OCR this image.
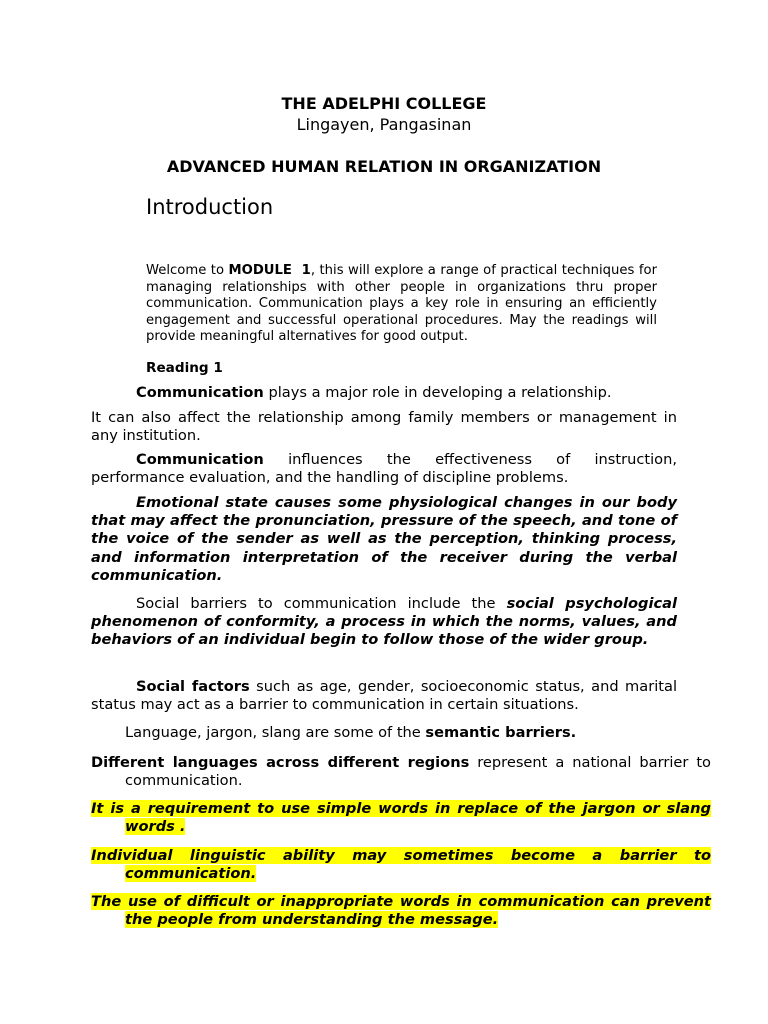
THE ADELPHI COLLEGE
Lingayen, Pangasinan
ADVANCED HUMAN RELATION IN ORGANIZATION
Introduction
Welcome to MODULE  1, this will explore a range of practical techniques for managing relationships with other people in organizations thru proper communication. Communication plays a key role in ensuring an efficiently engagement and successful operational procedures. May the readings will provide meaningful alternatives for good output.
Reading 1
Communication plays a major role in developing a relationship.
It can also affect the relationship among family members or management in any institution.
Communication influences the effectiveness of instruction, performance evaluation, and the handling of discipline problems.
Emotional state causes some physiological changes in our body that may affect the pronunciation, pressure of the speech, and tone of the voice of the sender as well as the perception, thinking process, and information interpretation of the receiver during the verbal communication.
Social barriers to communication include the social psychological phenomenon of conformity, a process in which the norms, values, and behaviors of an individual begin to follow those of the wider group.
Social factors such as age, gender, socioeconomic status, and marital status may act as a barrier to communication in certain situations.
Language, jargon, slang are some of the semantic barriers.
Different languages across different regions represent a national barrier to communication.
It is a requirement to use simple words in replace of the jargon or slang words .
Individual linguistic ability may sometimes become a barrier to communication.
The use of difficult or inappropriate words in communication can prevent the people from understanding the message.
